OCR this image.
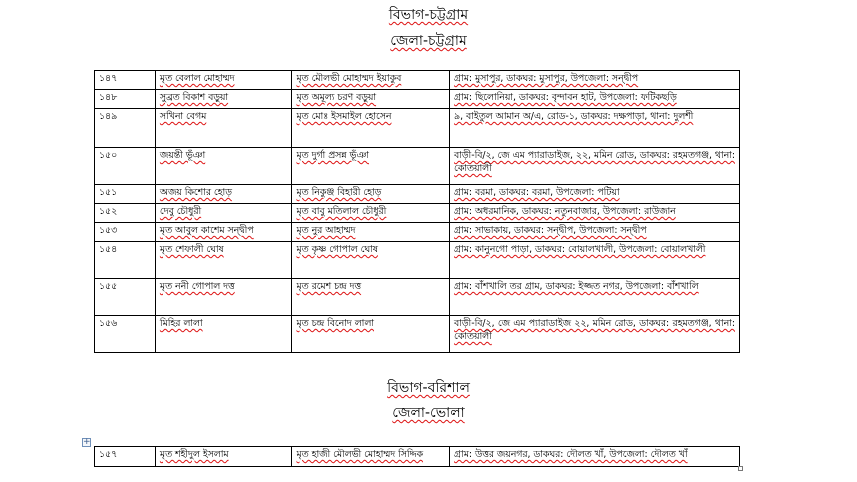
বিভাগ-চট্টগ্রাম
জেলা-চট্টগ্রাম
১৪৭	মৃত বেলাল মোহাম্মদ	মৃত মৌলভী মোহাম্মদ ইয়াকুব	গ্রাম: মুসাপুর, ডাকঘর: মুসাপুর, উপজেলা: সন্দ্বীপ
১৪৮	সুব্রত বিকাশ বড়ুয়া	মৃত অমূল্য চরণ বড়ুয়া	গ্রাম: ছিলোনিয়া, ডাকঘর: বৃন্দাবন হাট, উপজেলা: ফটিকছড়ি
১৪৯	সখিনা বেগম	মৃত মোঃ ইসমাইল হোসেন	৯, বাইতুল আমান অ/এ, রোড-১, ডাকঘর: দক্ষপাড়া, থানা: দুলশী
১৫০	জয়ন্তী ভূঁঞা	মৃত দুর্গা প্রসন্ন ভূঁঞা	বাড়ী-বি/২, জে এম প্যারাডাইজ, ২২, মমিন রোড, ডাকঘর: রহমতগঞ্জ, থানা: কোতয়ালী
১৫১	অজয় কিশোর হোড়	মৃত নিকুঞ্জ বিহারী হোড়	গ্রাম: বরমা, ডাকঘর: বরমা, উপজেলা: পটিয়া
১৫২	দেবু চৌধুরী	মৃত বাবু মতিলাল চৌধুরী	গ্রাম: অধরমানিক, ডাকঘর: নতুনবাজার, উপজেলা: রাউজান
১৫৩	মৃত আবুল কাশেম সন্দ্বীপ	মৃত নুর আহাম্মদ	গ্রাম: সাভাকায়, ডাকঘর: সন্দ্বীপ, উপজেলা: সন্দ্বীপ
১৫৪	মৃত শেফালী ঘোষ	মৃত কৃষ্ণ গোপাল ঘোষ	গ্রাম: কানুনগো পাড়া, ডাকঘর: বোয়ালখালী, উপজেলা: বোয়ালখালী
১৫৫	মৃত ননী গোপাল দত্ত	মৃত রমেশ চন্দ্র দত্ত	গ্রাম: বাঁশখালি তর গ্রাম, ডাকঘর: ইজ্জত নগর, উপজেলা: বাঁশখালি
১৫৬	মিহির লালা	মৃত চন্দ্র বিনোদ লালা	বাড়ী-বি/২, জে এম প্যারাডাইজ ২২, মমিন রোড, ডাকঘর: রহমতগঞ্জ, থানা: কোতয়ালী
বিভাগ-বরিশাল
জেলা-ভোলা
+
১৫৭	মৃত শহীদুল ইসলাম	মৃত হাজী মৌলভী মোহাম্মদ সিদ্দিক	গ্রাম: উত্তর জয়নগর, ডাকঘর: দৌলত খাঁ, উপজেলা: দৌলত খাঁ
